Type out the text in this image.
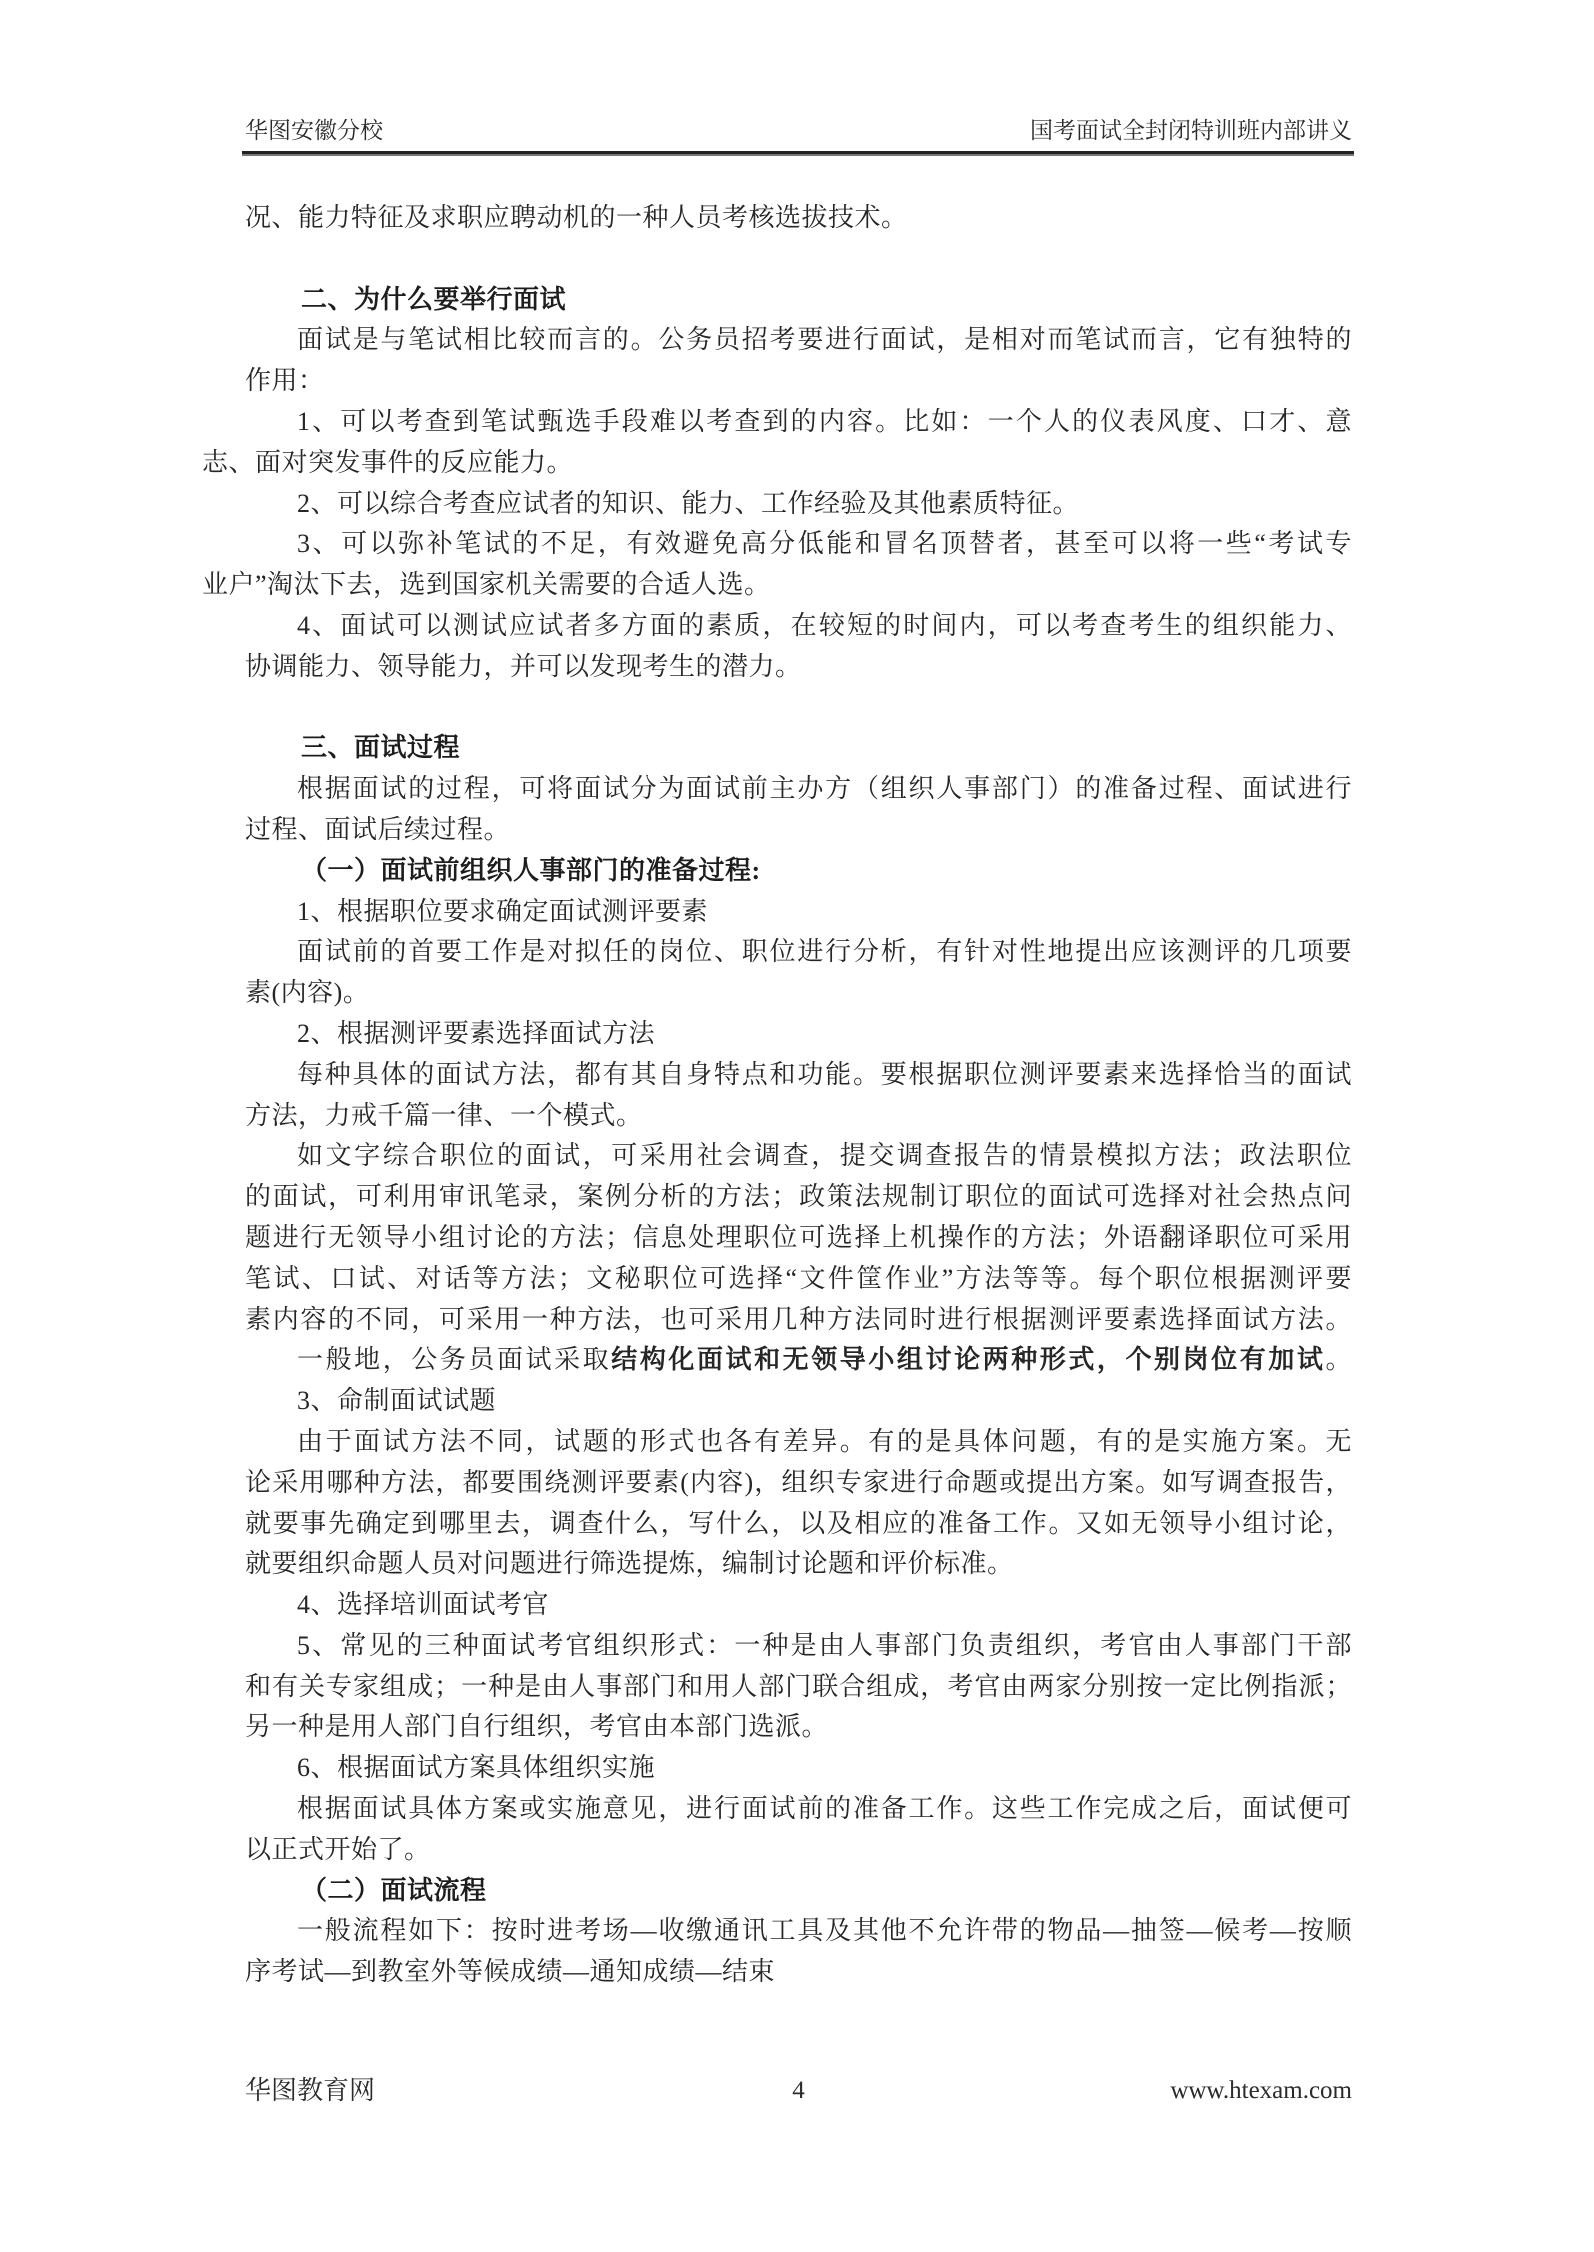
华图安徽分校	国考面试全封闭特训班内部讲义
况、能力特征及求职应聘动机的一种人员考核选拔技术。
二、为什么要举行面试
面试是与笔试相比较而言的。公务员招考要进行面试，是相对而笔试而言，它有独特的
作用：
1、可以考查到笔试甄选手段难以考查到的内容。比如：一个人的仪表风度、口才、意
志、面对突发事件的反应能力。
2、可以综合考查应试者的知识、能力、工作经验及其他素质特征。
3、可以弥补笔试的不足，有效避免高分低能和冒名顶替者，甚至可以将一些“考试专
业户”淘汰下去，选到国家机关需要的合适人选。
4、面试可以测试应试者多方面的素质，在较短的时间内，可以考查考生的组织能力、
协调能力、领导能力，并可以发现考生的潜力。
三、面试过程
根据面试的过程，可将面试分为面试前主办方（组织人事部门）的准备过程、面试进行
过程、面试后续过程。
（一）面试前组织人事部门的准备过程:
1、根据职位要求确定面试测评要素
面试前的首要工作是对拟任的岗位、职位进行分析，有针对性地提出应该测评的几项要
素(内容)。
2、根据测评要素选择面试方法
每种具体的面试方法，都有其自身特点和功能。要根据职位测评要素来选择恰当的面试
方法，力戒千篇一律、一个模式。
如文字综合职位的面试，可采用社会调查，提交调查报告的情景模拟方法；政法职位
的面试，可利用审讯笔录，案例分析的方法；政策法规制订职位的面试可选择对社会热点问
题进行无领导小组讨论的方法；信息处理职位可选择上机操作的方法；外语翻译职位可采用
笔试、口试、对话等方法；文秘职位可选择“文件筐作业”方法等等。每个职位根据测评要
素内容的不同，可采用一种方法，也可采用几种方法同时进行根据测评要素选择面试方法。
一般地，公务员面试采取结构化面试和无领导小组讨论两种形式，个别岗位有加试。
3、命制面试试题
由于面试方法不同，试题的形式也各有差异。有的是具体问题，有的是实施方案。无
论采用哪种方法，都要围绕测评要素(内容)，组织专家进行命题或提出方案。如写调查报告，
就要事先确定到哪里去，调查什么，写什么，以及相应的准备工作。又如无领导小组讨论，
就要组织命题人员对问题进行筛选提炼，编制讨论题和评价标准。
4、选择培训面试考官
5、常见的三种面试考官组织形式：一种是由人事部门负责组织，考官由人事部门干部
和有关专家组成；一种是由人事部门和用人部门联合组成，考官由两家分别按一定比例指派；
另一种是用人部门自行组织，考官由本部门选派。
6、根据面试方案具体组织实施
根据面试具体方案或实施意见，进行面试前的准备工作。这些工作完成之后，面试便可
以正式开始了。
（二）面试流程
一般流程如下：按时进考场—收缴通讯工具及其他不允许带的物品—抽签—候考—按顺
序考试—到教室外等候成绩—通知成绩—结束
华图教育网	4	www.htexam.com
